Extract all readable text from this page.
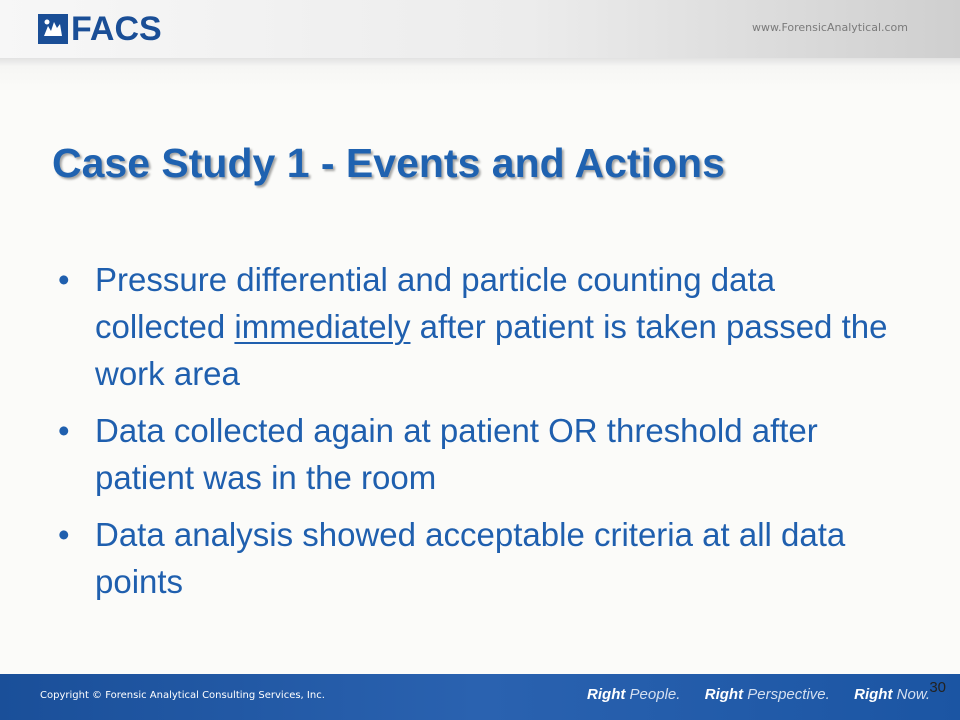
FACS	www.ForensicAnalytical.com
Case Study 1 - Events and Actions
• Pressure differential and particle counting data collected immediately after patient is taken passed the work area
• Data collected again at patient OR threshold after patient was in the room
• Data analysis showed acceptable criteria at all data points
Copyright © Forensic Analytical Consulting Services, Inc.	Right People. Right Perspective. Right Now. 30
